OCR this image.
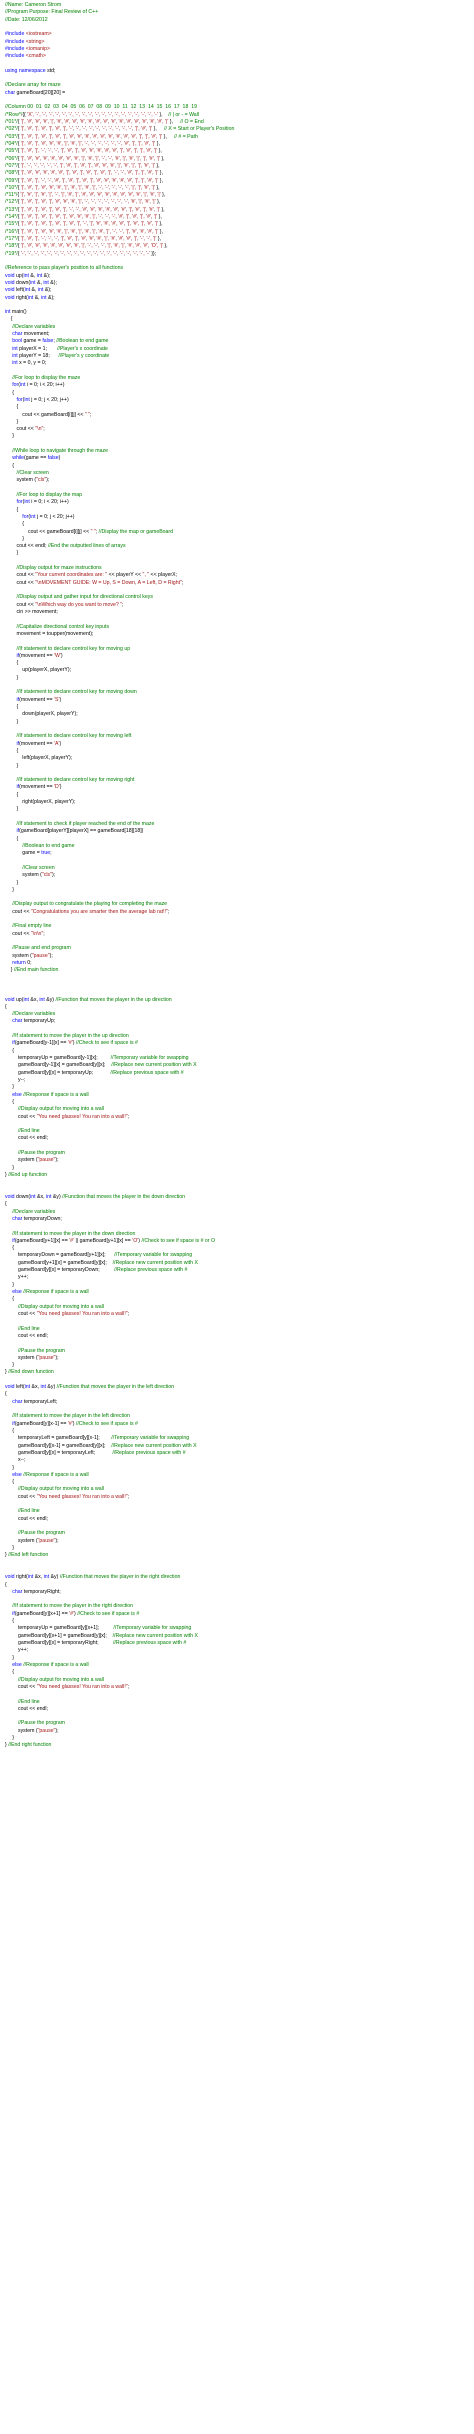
//Name: Cameron Strom
//Program Purpose: Final Review of C++
//Date: 12/06/2012

#include <iostream>
#include <string>
#include <iomanip>
#include <cmath>

using namespace std;

//Declare array for maze
char gameBoard[20][20] =

//Column 00  01  02  03  04  05  06  07  08  09  10  11  12  13  14  15  16  17  18  19
/*Row*/{{ 'X', '-', '-', '-', '-', '-', '-', '-', '-', '-', '-', '-', '-', '-', '-', '-', '-', '-', '-', '-' },    // | or - = Wall
/*01*/{ '|', '#', '#', '#', '|', '#', '#', '#', '#', '#', '#', '#', '#', '#', '#', '#', '#', '#', '#', '|' },     // O = End
/*02*/{ '|', '#', '|', '#', '|', '#', '|', '-', '-', '-', '-', '-', '-', '-', '-', '-', '-', '|', '#', '|' },     // X = Start or Player's Position
/*03*/{ '|', '#', '|', '#', '|', '#', '|', '#', '#', '#', '#', '#', '#', '#', '#', '#', '|', '|', '#', '|' },     // # = Path
/*04*/{ '|', '#', '|', '#', '#', '#', '|', '#', '|', '-', '-', '-', '-', '-', '-', '#', '|', '|', '#', '|' },
/*05*/{ '|', '#', '|', '-', '-', '-', '|', '#', '|', '#', '#', '#', '#', '#', '|', '#', '|', '|', '#', '|' },
/*06*/{ '|', '#', '#', '#', '#', '#', '#', '#', '|', '#', '|', '-', '-', '#', '|', '#', '|', '|', '#', '|' },
/*07*/{ '|', '-', '-', '-', '-', '-', '|', '#', '|', '#', '|', '#', '#', '#', '|', '#', '|', '|', '#', '|' },
/*08*/{ '|', '#', '#', '#', '#', '#', '|', '#', '|', '#', '|', '#', '|', '-', '-', '#', '|', '|', '#', '|' },
/*09*/{ '|', '#', '|', '-', '-', '#', '|', '#', '|', '#', '|', '#', '#', '#', '#', '#', '|', '|', '#', '|' },
/*10*/{ '|', '#', '|', '#', '#', '#', '|', '#', '|', '#', '|', '-', '-', '-', '-', '-', '|', '|', '#', '|' },
/*11*/{ '|', '#', '|', '#', '|', '-', '|', '#', '|', '#', '#', '#', '#', '#', '#', '#', '#', '|', '#', '|' },
/*12*/{ '|', '#', '|', '#', '|', '#', '#', '#', '|', '-', '-', '-', '-', '-', '-', '-', '#', '|', '#', '|' },
/*13*/{ '|', '#', '|', '#', '|', '#', '|', '-', '-', '#', '#', '#', '#', '#', '#', '|', '#', '|', '#', '|' },
/*14*/{ '|', '#', '|', '#', '|', '#', '|', '#', '#', '#', '|', '-', '-', '-', '#', '|', '#', '|', '#', '|' },
/*15*/{ '|', '#', '|', '#', '|', '#', '|', '#', '|', '-', '|', '#', '#', '#', '#', '|', '#', '|', '#', '|' },
/*16*/{ '|', '#', '|', '#', '#', '#', '|', '#', '|', '#', '|', '#', '|', '-', '-', '|', '#', '#', '#', '|' },
/*17*/{ '|', '#', '|', '-', '-', '-', '|', '#', '|', '#', '#', '#', '|', '#', '#', '#', '|', '-', '-', '|' },
/*18*/{ '|', '#', '#', '#', '#', '#', '#', '#', '|', '-', '-', '-', '|', '#', '|', '#', '#', '#', 'O', '|' },
/*19*/{ '-', '-', '-', '-', '-', '-', '-', '-', '-', '-', '-', '-', '-', '-', '-', '-', '-', '-', '-', '-' }};

//Reference to pass player's position to all functions
void up(int &, int &);
void down(int &, int &);
void left(int &, int &);
void right(int &, int &);

int main()
{
//Declare variables
char movement;
bool game = false; //Boolean to end game
int playerX = 1;       //Player's x coordinate
int playerY = 18;      //Player's y coordinate
int x = 0, y = 0;

//For loop to display the maze
for(int i = 0; i < 20; i++)
{
for(int j = 0; j < 20; j++)
{
cout << gameBoard[i][j] << " ";
}
cout << "\n";
}

//While loop to navigate through the maze
while(game == false)
{
//Clear screen
system ("cls");

//For loop to display the map
for(int i = 0; i < 20; i++)
{
for(int j = 0; j < 20; j++)
{
cout << gameBoard[i][j] << " "; //Display the map or gameBoard
}
cout << endl; //End the outputted lines of arrays
}

//Display output for maze instructions
cout << "Your current coordinates are: " << playerY << ", " << playerX;
cout << "\nMOVEMENT GUIDE: W = Up, S = Down, A = Left, D = Right";

//Display output and gather input for directional control keys
cout << "\nWhich way do you want to move? ";
cin >> movement;

//Capitalize directional control key inputs
movement = toupper(movement);

//If statement to declare control key for moving up
if(movement == 'W')
{
up(playerX, playerY);
}

//If statement to declare control key for moving down
if(movement == 'S')
{
down(playerX, playerY);
}

//If statement to declare control key for moving left
if(movement == 'A')
{
left(playerX, playerY);
}

//If statement to declare control key for moving right
if(movement == 'D')
{
right(playerX, playerY);
}

//If statement to check if player reached the end of the maze
if(gameBoard[playerY][playerX] == gameBoard[18][18])
{
//Boolean to end game
game = true;

//Clear screen
system ("cls");
}
}

//Display output to congratulate the playing for completing the maze
cout << "Congratulations you are smarter then the average lab rat!!";

//Final empty line
cout << "\n\n";

//Pause and end program
system ("pause");
return 0;
} //End main function

void up(int &x, int &y) //Function that moves the player in the up direction
{
//Declare variables
char temporaryUp;

//If statement to move the player in the up direction
if(gameBoard[y-1][x] == '#') //Check to see if space is #
{
temporaryUp = gameBoard[y-1][x];         //Temporary variable for swapping
gameBoard[y-1][x] = gameBoard[y][x];    //Replace new current position with X
gameBoard[y][x] = temporaryUp;            //Replace previous space with #
y--;
}
else //Response if space is a wall
{
//Display output for moving into a wall
cout << "You need glasses! You ran into a wall!";

//End line
cout << endl;

//Pause the program
system ("pause");
}
} //End up function

void down(int &x, int &y) //Function that moves the player in the down direction
{
//Declare variables
char temporaryDown;

//If statement to move the player in the down direction
if(gameBoard[y+1][x] == '#' || gameBoard[y+1][x] == 'O') //Check to see if space is # or O
{
temporaryDown = gameBoard[y+1][x];      //Temporary variable for swapping
gameBoard[y+1][x] = gameBoard[y][x];    //Replace new current position with X
gameBoard[y][x] = temporaryDown;          //Replace previous space with #
y++;
}
else //Response if space is a wall
{
//Display output for moving into a wall
cout << "You need glasses! You ran into a wall!";

//End line
cout << endl;

//Pause the program
system ("pause");
}
} //End down function

void left(int &x, int &y) //Function that moves the player in the left direction
{
char temporaryLeft;

//If statement to move the player in the left direction
if(gameBoard[y][x-1] == '#') //Check to see if space is #
{
temporaryLeft = gameBoard[y][x-1];        //Temporary variable for swapping
gameBoard[y][x-1] = gameBoard[y][x];    //Replace new current position with X
gameBoard[y][x] = temporaryLeft;            //Replace previous space with #
x--;
}
else //Response if space is a wall
{
//Display output for moving into a wall
cout << "You need glasses! You ran into a wall!";

//End line
cout << endl;

//Pause the program
system ("pause");
}
} //End left function

void right(int &x, int &y) //Function that moves the player in the right direction
{
char temporaryRight;

//If statement to move the player in the right direction
if(gameBoard[y][x+1] == '#') //Check to see if space is #
{
temporaryUp = gameBoard[y][x+1];          //Temporary variable for swapping
gameBoard[y][x+1] = gameBoard[y][x];    //Replace new current position with X
gameBoard[y][x] = temporaryRight;          //Replace previous space with #
y++;
}
else //Response if space is a wall
{
//Display output for moving into a wall
cout << "You need glasses! You ran into a wall!";

//End line
cout << endl;

//Pause the program
system ("pause");
}
} //End right function
